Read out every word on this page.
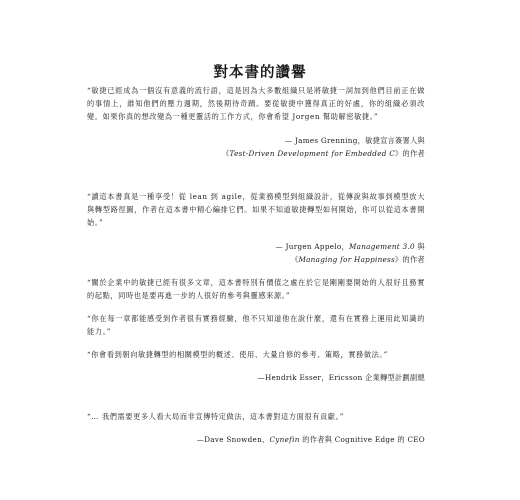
對本書的讚譽

“敏捷已經成為一個沒有意義的流行語，這是因為大多數組織只是將敏捷一詞加到他們目前正在做的事情上，維知他們的壓力週期，然後期待奇蹟。要從敏捷中獲得真正的好處，你的組織必須改變。如果你真的想改變為一種更靈活的工作方式，你會希望 Jorgen 幫助解密敏捷。”

— James Grenning，敏捷宣言簽署人與
《Test-Driven Development for Embedded C》的作者

“讀這本書真是一種享受！從 lean 到 agile，從業務模型到組織設計，從傳說與故事到模型放大與轉型路徑圖，作者在這本書中精心編排它們。如果不知道敏捷轉型如何開始，你可以從這本書開始。”

— Jurgen Appelo，Management 3.0 與
《Managing for Happiness》的作者

“關於企業中的敏捷已經有很多文章，這本書特別有價值之處在於它是剛剛要開始的人很好且務實的起點，同時也是要再進一步的人很好的參考與靈感來源。”

“你在每一章都能感受到作者很有實務經驗，他不只知道他在說什麼，還有在實務上運用此知識的能力。”

“你會看到朝向敏捷轉型的相關模型的概述、使用、大量自修的參考、策略，實務做法。”

—Hendrik Esser，Ericsson 企業轉型計劃副總

“… 我們需要更多人看大局而非宣傳特定做法，這本書對這方面很有貢獻。”

—Dave Snowden、Cynefin 的作者與 Cognitive Edge 的 CEO
